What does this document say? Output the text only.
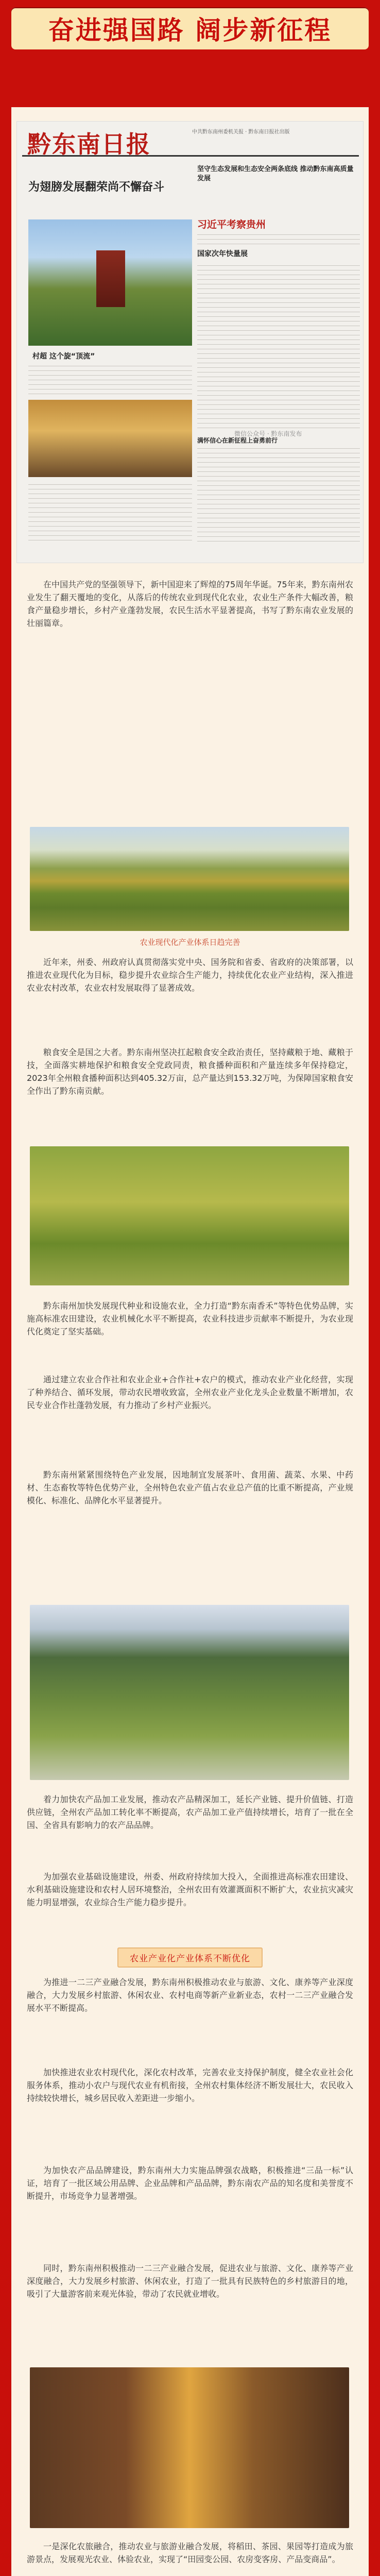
奋进强国路 阔步新征程
黔东南日报	中共黔东南州委机关报 · 黔东南日报社出版
为翅膀发展翻荣尚不懈奋斗
坚守生态发展和生态安全两条底线 推动黔东南高质量发展
习近平考察贵州
国家次年快量展
村超 这个旋“顶流”
满怀信心在新征程上奋勇前行
微信公众号 · 黔东南发布
在中国共产党的坚强领导下，新中国迎来了辉煌的75周年华诞。75年来，黔东南州农业发生了翻天覆地的变化，从落后的传统农业到现代化农业，农业生产条件大幅改善，粮食产量稳步增长，乡村产业蓬勃发展，农民生活水平显著提高，书写了黔东南农业发展的壮丽篇章。
农业现代化产业体系日趋完善
近年来，州委、州政府认真贯彻落实党中央、国务院和省委、省政府的决策部署，以推进农业现代化为目标，稳步提升农业综合生产能力，持续优化农业产业结构，深入推进农业农村改革，农业农村发展取得了显著成效。
粮食安全是国之大者。黔东南州坚决扛起粮食安全政治责任，坚持藏粮于地、藏粮于技，全面落实耕地保护和粮食安全党政同责，粮食播种面积和产量连续多年保持稳定，2023年全州粮食播种面积达到405.32万亩，总产量达到153.32万吨，为保障国家粮食安全作出了黔东南贡献。
黔东南州加快发展现代种业和设施农业，全力打造“黔东南香禾”等特色优势品牌，实施高标准农田建设，农业机械化水平不断提高，农业科技进步贡献率不断提升，为农业现代化奠定了坚实基础。
通过建立农业合作社和农业企业+合作社+农户的模式，推动农业产业化经营，实现了种养结合、循环发展，带动农民增收致富，全州农业产业化龙头企业数量不断增加，农民专业合作社蓬勃发展，有力推动了乡村产业振兴。
黔东南州紧紧围绕特色产业发展，因地制宜发展茶叶、食用菌、蔬菜、水果、中药材、生态畜牧等特色优势产业，全州特色农业产值占农业总产值的比重不断提高，产业规模化、标准化、品牌化水平显著提升。
着力加快农产品加工业发展，推动农产品精深加工，延长产业链、提升价值链、打造供应链，全州农产品加工转化率不断提高，农产品加工业产值持续增长，培育了一批在全国、全省具有影响力的农产品品牌。
为加强农业基础设施建设，州委、州政府持续加大投入，全面推进高标准农田建设、水利基础设施建设和农村人居环境整治，全州农田有效灌溉面积不断扩大，农业抗灾减灾能力明显增强，农业综合生产能力稳步提升。
农业产业化产业体系不断优化
为推进一二三产业融合发展，黔东南州积极推动农业与旅游、文化、康养等产业深度融合，大力发展乡村旅游、休闲农业、农村电商等新产业新业态，农村一二三产业融合发展水平不断提高。
加快推进农业农村现代化，深化农村改革，完善农业支持保护制度，健全农业社会化服务体系，推动小农户与现代农业有机衔接，全州农村集体经济不断发展壮大，农民收入持续较快增长，城乡居民收入差距进一步缩小。
为加快农产品品牌建设，黔东南州大力实施品牌强农战略，积极推进“三品一标”认证，培育了一批区域公用品牌、企业品牌和产品品牌，黔东南农产品的知名度和美誉度不断提升，市场竞争力显著增强。
同时，黔东南州积极推动一二三产业融合发展，促进农业与旅游、文化、康养等产业深度融合，大力发展乡村旅游、休闲农业，打造了一批具有民族特色的乡村旅游目的地，吸引了大量游客前来观光体验，带动了农民就业增收。
一是深化农旅融合，推动农业与旅游业融合发展，将稻田、茶园、果园等打造成为旅游景点，发展观光农业、体验农业，实现了“田园变公园、农房变客房、产品变商品”。
